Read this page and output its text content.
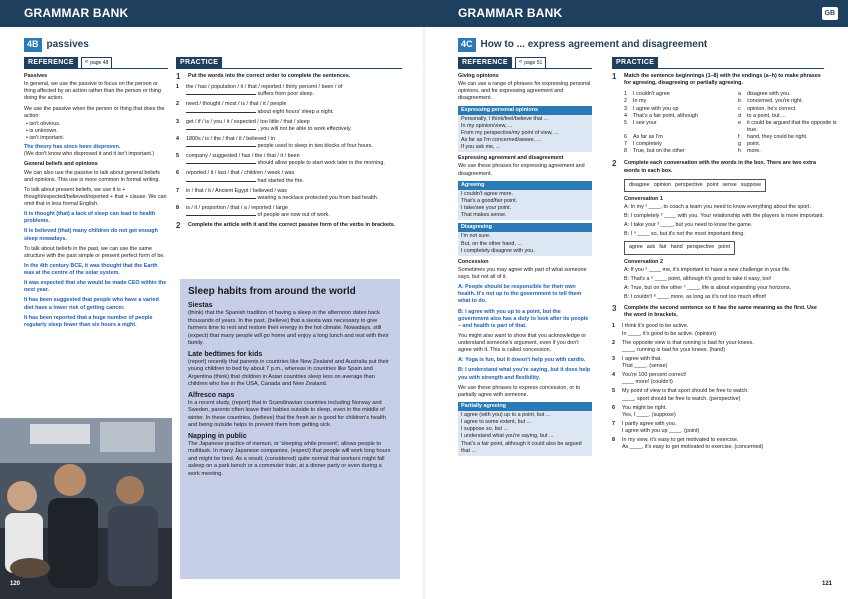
GRAMMAR BANK	GRAMMAR BANK	GB
4B passives
REFERENCE	« page 48	PRACTICE
Passives

In general, we use the passive to focus on the person or thing affected by an action rather than the person or thing doing the action.

We use the passive when the person or thing that does the action:
• isn't obvious.
• is unknown.
• isn't important.
The theory has since been disproven.

(We don't know who disproved it and it isn't important.)

General beliefs and opinions

We can also use the passive to talk about general beliefs and opinions. This use is more common in formal writing.

To talk about present beliefs, we use it is + thought/expected/believed/reported + that + clause. We can omit that in less formal English.

It is thought (that) a lack of sleep can lead to health problems.

It is believed (that) many children do not get enough sleep nowadays.

To talk about beliefs in the past, we can use the same structure with the past simple or present perfect form of be.

In the 4th century BCE, it was thought that the Earth was at the centre of the solar system.

It was expected that she would be made CEO within the next year.

It has been suggested that people who have a varied diet have a lower risk of getting cancer.

It has been reported that a huge number of people regularly sleep fewer than six hours a night.

1	Put the words into the correct order to complete the sentences.
1	the / has / population / it / that / reported / thirty percent / been / of
suffers from poor sleep.
2	need / thought / most / is / that / it / people
about eight hours' sleep a night.
3	get / if / is / you / it / expected / too little / that / sleep
, you will not be able to work effectively.
4	1800s / is / the / that / it / believed / in
people used to sleep in two blocks of four hours.
5	company / suggested / has / the / that / it / been
should allow people to start work later in the morning.
6	reported / it / last / that / children / week / was
had started the fire.
7	in / that / it / Ancient Egypt / believed / was
wearing a necklace protected you from bad health.
8	is / it / proportion / that / a / reported / large
of people are now out of work.
2	Complete the article with it and the correct passive form of the verbs in brackets.
Sleep habits from around the world
Siestas

(think) that the Spanish tradition of having a sleep in the afternoon dates back thousands of years. In the past, (believe) that a siesta was necessary to give farmers time to rest and restore their energy in the hot climate. Nowadays, still (expect) that many people will go home and enjoy a long lunch and rest with their family.

Late bedtimes for kids

(report) recently that parents in countries like New Zealand and Australia put their young children to bed by about 7 p.m., whereas in countries like Spain and Argentina (think) that children in Asian countries sleep less on average than children who live in the USA, Canada and New Zealand.

Alfresco naps

In a recent study, (report) that in Scandinavian countries including Norway and Sweden, parents often leave their babies outside to sleep, even in the middle of winter. In these countries, (believe) that the fresh air is good for children's health and being outside helps to prevent them from getting sick.

Napping in public

The Japanese practice of inemuri, or 'sleeping while present', allows people to multitask. In many Japanese companies, (expect) that people will work long hours and might be tired. As a result, (considered) quite normal that workers might fall asleep on a park bench or a commuter train, at a dinner party or even during a work meeting.

120
4C How to ... express agreement and disagreement
REFERENCE	« page 51	PRACTICE
Giving opinions

We can use a range of phrases for expressing personal opinions, and for expressing agreement and disagreement.

Expressing personal opinions
Personally, I think/feel/believe that ...
In my opinion/view, ...
From my perspective/my point of view, ...
As far as I'm concerned/aware, ...
If you ask me, ...
Expressing agreement and disagreement

We use these phrases for expressing agreement and disagreement.

Agreeing
I couldn't agree more.
That's a good/fair point.
I take/see your point.
That makes sense.
Disagreeing
I'm not sure.
But, on the other hand, ...
I completely disagree with you.
Concession

Sometimes you may agree with part of what someone says, but not all of it.

A: People should be responsible for their own health. It's not up to the government to tell them what to do.

B: I agree with you up to a point, but the government also has a duty to look after its people – and health is part of that.

You might also want to show that you acknowledge or understand someone's argument, even if you don't agree with it. This is called concession.

A: Yoga is fun, but it doesn't help you with cardio.

B: I understand what you're saying, but it does help you with strength and flexibility.

We use these phrases to express concession, or to partially agree with someone.

Partially agreeing
I agree (with you) up to a point, but ...
I agree to some extent, but ...
I suppose so, but ...
I understand what you're saying, but ...
That's a fair point, although it could also be argued that ...
1	Match the sentence beginnings (1–8) with the endings (a–h) to make phrases for agreeing, disagreeing or partially agreeing.
1	I couldn't agree	a	disagree with you.
2	In my	b	concerned, you're right.
3	I agree with you up	c	opinion, he's correct.
4	That's a fair point, although	d	to a point, but ...
5	I see your	e	it could be argued that the opposite is true.
6	As far as I'm	f	hand, they could be right.
7	I completely	g	point.
8	True, but on the other	h	more.
2	Complete each conversation with the words in the box. There are two extra words in each box.
disagree opinion perspective point sense suppose
Conversation 1
A: In my ¹ ____, to coach a team you need to know everything about the sport.
B: I completely ² ____ with you. Your relationship with the players is more important.
A: I take your ³ ____, but you need to know the game.
B: I ⁴ ____ so, but it's not the most important thing.
agree ask fair hand perspective point
Conversation 2
A: If you ⁵ ____ me, it's important to have a new challenge in your life.
B: That's a ⁶ ____ point, although it's good to take it easy, too!
A: True, but on the other ⁷ ____, life is about expanding your horizons.
B: I couldn't ⁸ ____ more, as long as it's not too much effort!
3	Complete the second sentence so it has the same meaning as the first. Use the word in brackets.
1	I think it's good to be active.
In ____, it's good to be active. (opinion)
2	The opposite view is that running is bad for your knees.
____, running is bad for your knees. (hand)
3	I agree with that.
That ____. (sense)
4	You're 100 percent correct!
____ more! (couldn't)
5	My point of view is that sport should be free to watch.
____, sport should be free to watch. (perspective)
6	You might be right.
Yes, I ____. (suppose)
7	I partly agree with you.
I agree with you up ____. (point)
8	In my view, it's easy to get motivated to exercise.
As ____, it's easy to get motivated to exercise. (concerned)
121
